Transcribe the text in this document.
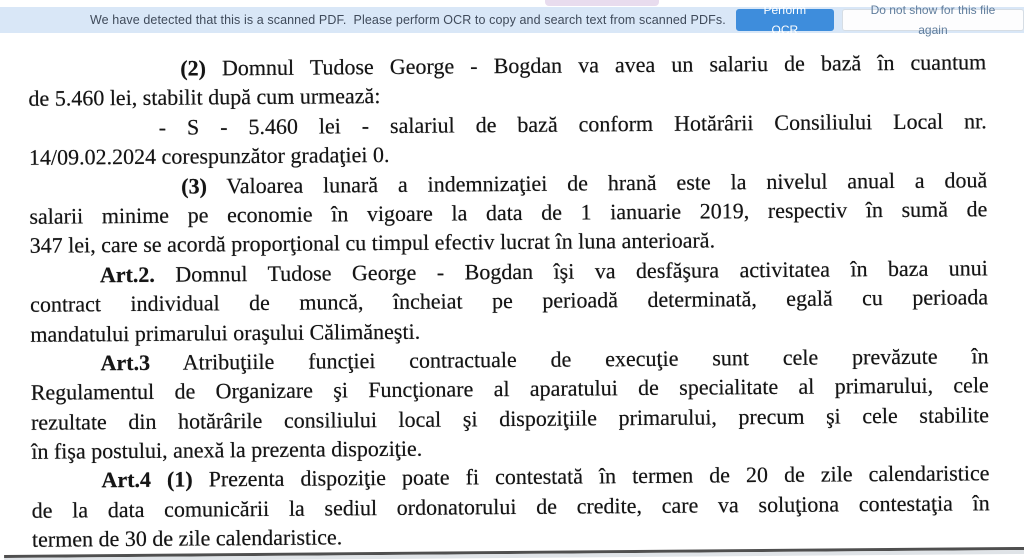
We have detected that this is a scanned PDF.  Please perform OCR to copy and search text from scanned PDFs.
Perform OCR
Do not show for this file again
(2) Domnul Tudose George - Bogdan va avea un salariu de bază în cuantum
de 5.460 lei, stabilit după cum urmează:
- S - 5.460 lei - salariul de bază conform Hotărârii Consiliului Local nr.
14/09.02.2024 corespunzător gradaţiei 0.
(3) Valoarea lunară a indemnizaţiei de hrană este la nivelul anual a două
salarii minime pe economie în vigoare la data de 1 ianuarie 2019, respectiv în sumă de
347 lei, care se acordă proporţional cu timpul efectiv lucrat în luna anterioară.
Art.2. Domnul Tudose George - Bogdan îşi va desfăşura activitatea în baza unui
contract individual de muncă, încheiat pe perioadă determinată, egală cu perioada
mandatului primarului oraşului Călimăneşti.
Art.3 Atribuţiile funcţiei contractuale de execuţie sunt cele prevăzute în
Regulamentul de Organizare şi Funcţionare al aparatului de specialitate al primarului, cele
rezultate din hotărârile consiliului local şi dispoziţiile primarului, precum şi cele stabilite
în fişa postului, anexă la prezenta dispoziţie.
Art.4 (1) Prezenta dispoziţie poate fi contestată în termen de 20 de zile calendaristice
de la data comunicării la sediul ordonatorului de credite, care va soluţiona contestaţia în
termen de 30 de zile calendaristice.
